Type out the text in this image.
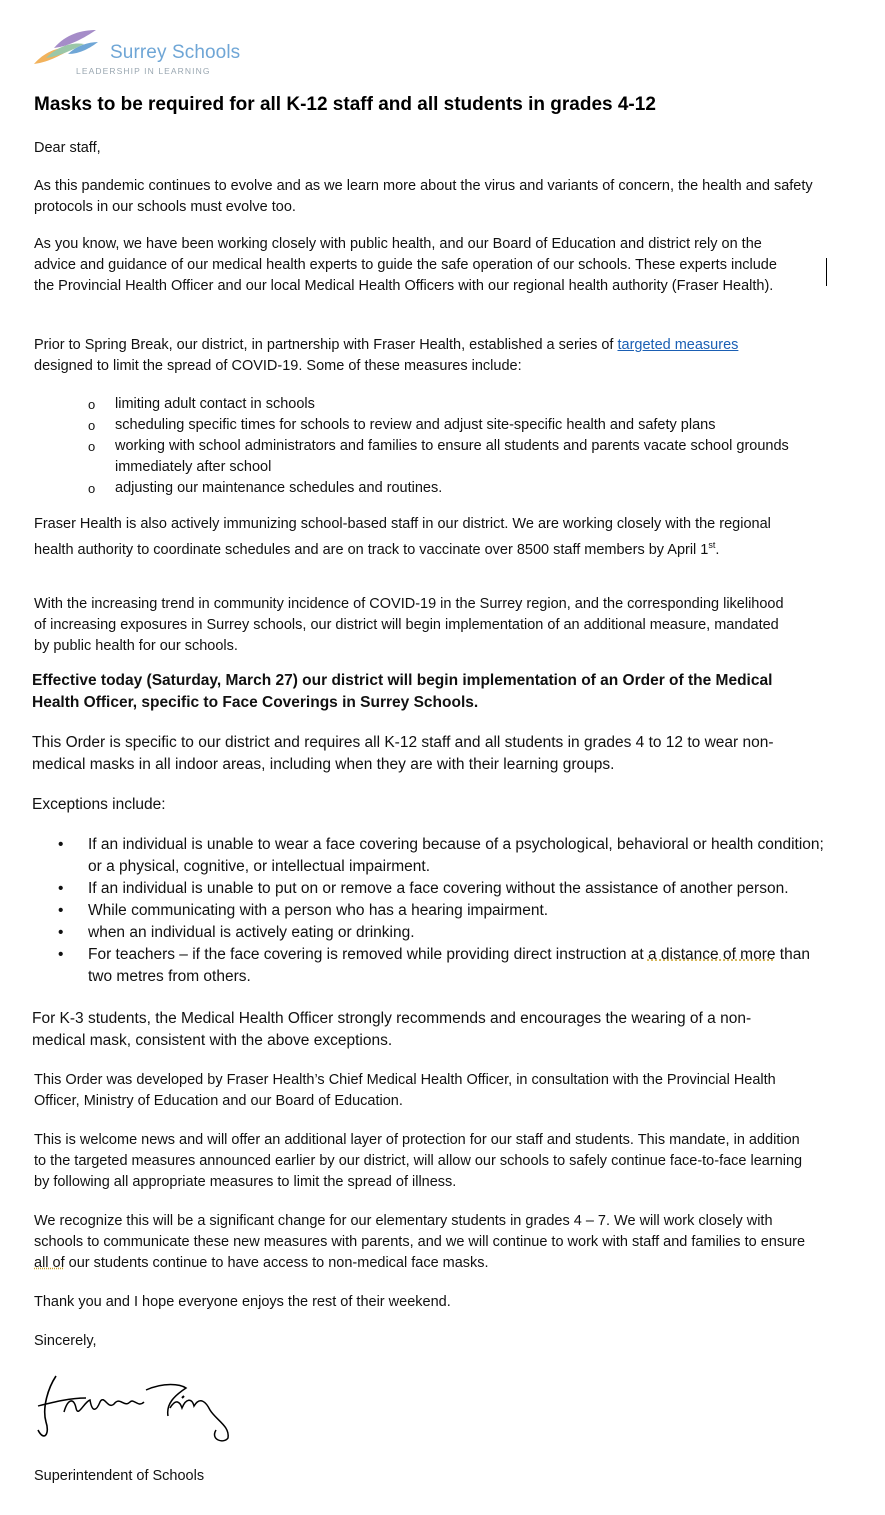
Surrey Schools
LEADERSHIP IN LEARNING
Masks to be required for all K-12 staff and all students in grades 4-12

Dear staff,

As this pandemic continues to evolve and as we learn more about the virus and variants of concern, the health and safety protocols in our schools must evolve too.

As you know, we have been working closely with public health, and our Board of Education and district rely on the advice and guidance of our medical health experts to guide the safe operation of our schools. These experts include the Provincial Health Officer and our local Medical Health Officers with our regional health authority (Fraser Health).

Prior to Spring Break, our district, in partnership with Fraser Health, established a series of targeted measures
designed to limit the spread of COVID-19. Some of these measures include:

o limiting adult contact in schools
o scheduling specific times for schools to review and adjust site-specific health and safety plans
o working with school administrators and families to ensure all students and parents vacate school grounds immediately after school
o adjusting our maintenance schedules and routines.

Fraser Health is also actively immunizing school-based staff in our district. We are working closely with the regional health authority to coordinate schedules and are on track to vaccinate over 8500 staff members by April 1st.

With the increasing trend in community incidence of COVID-19 in the Surrey region, and the corresponding likelihood of increasing exposures in Surrey schools, our district will begin implementation of an additional measure, mandated by public health for our schools.

Effective today (Saturday, March 27) our district will begin implementation of an Order of the Medical Health Officer, specific to Face Coverings in Surrey Schools.

This Order is specific to our district and requires all K-12 staff and all students in grades 4 to 12 to wear non-medical masks in all indoor areas, including when they are with their learning groups.

Exceptions include:

• If an individual is unable to wear a face covering because of a psychological, behavioral or health condition; or a physical, cognitive, or intellectual impairment.
• If an individual is unable to put on or remove a face covering without the assistance of another person.
• While communicating with a person who has a hearing impairment.
• when an individual is actively eating or drinking.
• For teachers – if the face covering is removed while providing direct instruction at a distance of more than two metres from others.

For K-3 students, the Medical Health Officer strongly recommends and encourages the wearing of a non-medical mask, consistent with the above exceptions.

This Order was developed by Fraser Health’s Chief Medical Health Officer, in consultation with the Provincial Health Officer, Ministry of Education and our Board of Education.

This is welcome news and will offer an additional layer of protection for our staff and students. This mandate, in addition to the targeted measures announced earlier by our district, will allow our schools to safely continue face-to-face learning by following all appropriate measures to limit the spread of illness.

We recognize this will be a significant change for our elementary students in grades 4 – 7. We will work closely with schools to communicate these new measures with parents, and we will continue to work with staff and families to ensure all of our students continue to have access to non-medical face masks.

Thank you and I hope everyone enjoys the rest of their weekend.

Sincerely,

Superintendent of Schools
